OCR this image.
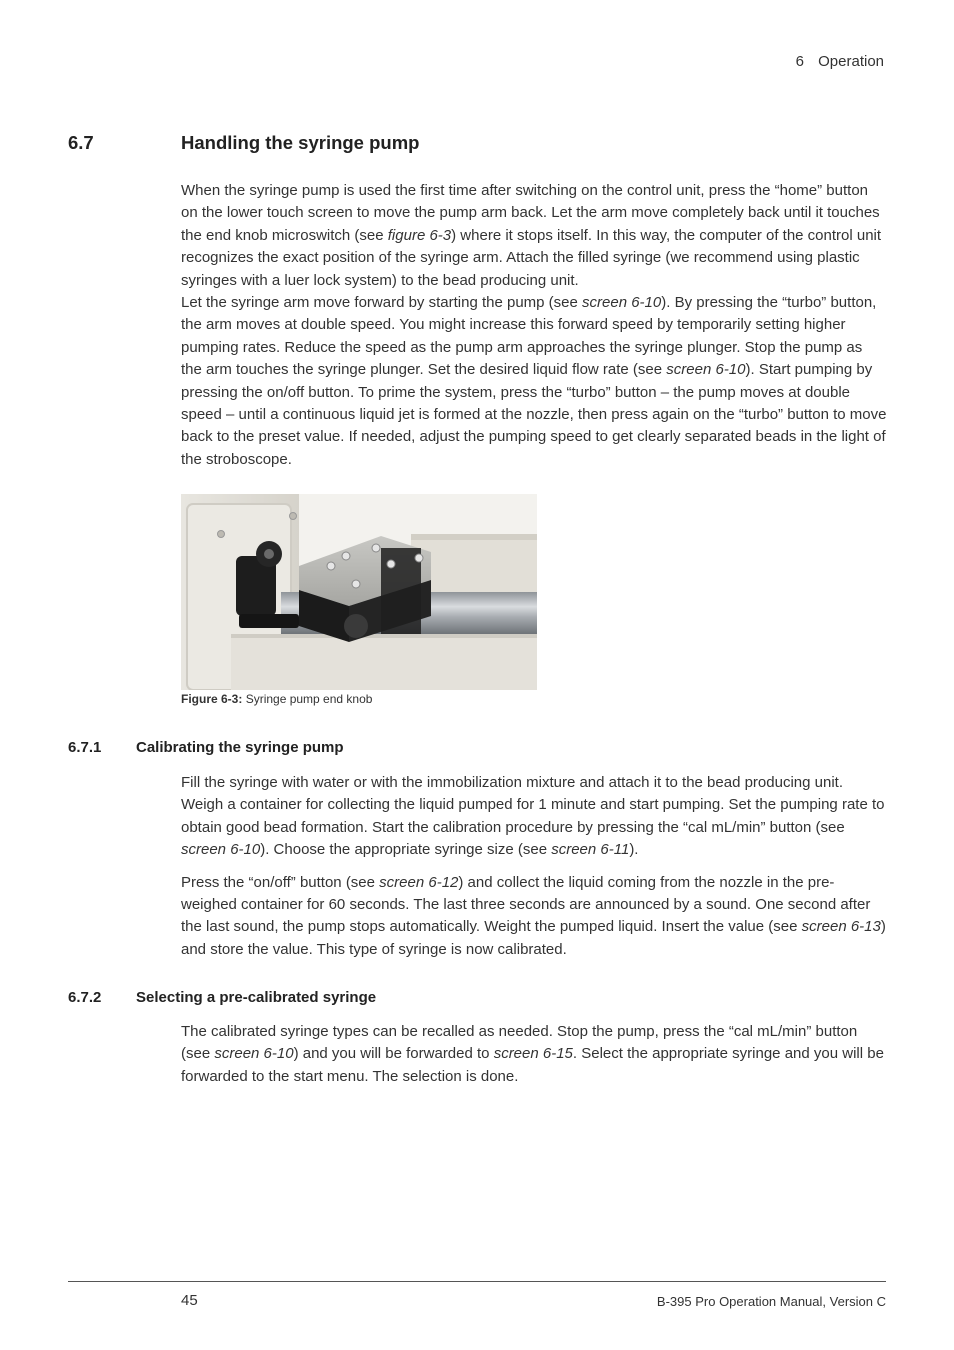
6 Operation
6.7	Handling the syringe pump

When the syringe pump is used the first time after switching on the control unit, press the “home” button on the lower touch screen to move the pump arm back. Let the arm move completely back until it touches the end knob microswitch (see figure 6-3) where it stops itself. In this way, the computer of the control unit recognizes the exact position of the syringe arm. Attach the filled syringe (we recommend using plastic syringes with a luer lock system) to the bead producing unit.
Let the syringe arm move forward by starting the pump (see screen 6-10). By pressing the “turbo” button, the arm moves at double speed. You might increase this forward speed by temporarily setting higher pumping rates. Reduce the speed as the pump arm approaches the syringe plunger. Stop the pump as the arm touches the syringe plunger. Set the desired liquid flow rate (see screen 6-10). Start pumping by pressing the on/off button. To prime the system, press the “turbo” button – the pump moves at double speed – until a continuous liquid jet is formed at the nozzle, then press again on the “turbo” button to move back to the preset value. If needed, adjust the pumping speed to get clearly separated beads in the light of the stroboscope.

Figure 6-3: Syringe pump end knob
6.7.1 Calibrating the syringe pump

Fill the syringe with water or with the immobilization mixture and attach it to the bead producing unit. Weigh a container for collecting the liquid pumped for 1 minute and start pumping. Set the pumping rate to obtain good bead formation. Start the calibration procedure by pressing the “cal mL/min” button (see screen 6-10). Choose the appropriate syringe size (see screen 6-11).

Press the “on/off” button (see screen 6-12) and collect the liquid coming from the nozzle in the pre-weighed container for 60 seconds. The last three seconds are announced by a sound. One second after the last sound, the pump stops automatically. Weight the pumped liquid. Insert the value (see screen 6-13) and store the value. This type of syringe is now calibrated.

6.7.2 Selecting a pre-calibrated syringe

The calibrated syringe types can be recalled as needed. Stop the pump, press the “cal mL/min” button (see screen 6-10) and you will be forwarded to screen 6-15. Select the appropriate syringe and you will be forwarded to the start menu. The selection is done.

45	B-395 Pro Operation Manual, Version C
